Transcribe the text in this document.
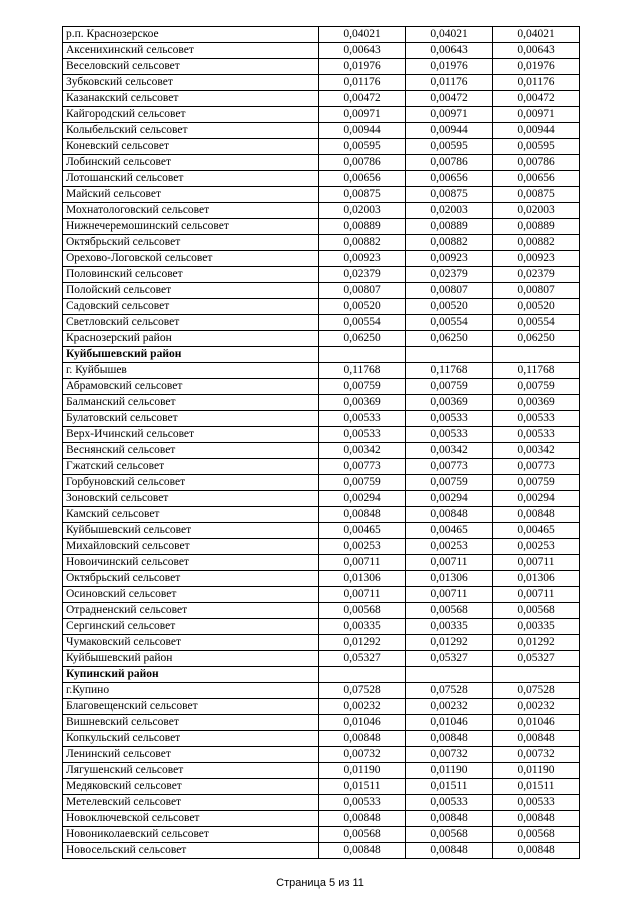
р.п. Краснозерское	0,04021	0,04021	0,04021
Аксенихинский сельсовет	0,00643	0,00643	0,00643
Веселовский сельсовет	0,01976	0,01976	0,01976
Зубковский сельсовет	0,01176	0,01176	0,01176
Казанакский сельсовет	0,00472	0,00472	0,00472
Кайгородский сельсовет	0,00971	0,00971	0,00971
Колыбельский сельсовет	0,00944	0,00944	0,00944
Коневский сельсовет	0,00595	0,00595	0,00595
Лобинский сельсовет	0,00786	0,00786	0,00786
Лотошанский сельсовет	0,00656	0,00656	0,00656
Майский сельсовет	0,00875	0,00875	0,00875
Мохнатологовский сельсовет	0,02003	0,02003	0,02003
Нижнечеремошинский сельсовет	0,00889	0,00889	0,00889
Октябрьский сельсовет	0,00882	0,00882	0,00882
Орехово-Логовской сельсовет	0,00923	0,00923	0,00923
Половинский сельсовет	0,02379	0,02379	0,02379
Полойский сельсовет	0,00807	0,00807	0,00807
Садовский сельсовет	0,00520	0,00520	0,00520
Светловский сельсовет	0,00554	0,00554	0,00554
Краснозерский район	0,06250	0,06250	0,06250
Куйбышевский район			
г. Куйбышев	0,11768	0,11768	0,11768
Абрамовский сельсовет	0,00759	0,00759	0,00759
Балманский сельсовет	0,00369	0,00369	0,00369
Булатовский сельсовет	0,00533	0,00533	0,00533
Верх-Ичинский сельсовет	0,00533	0,00533	0,00533
Веснянский сельсовет	0,00342	0,00342	0,00342
Гжатский сельсовет	0,00773	0,00773	0,00773
Горбуновский сельсовет	0,00759	0,00759	0,00759
Зоновский сельсовет	0,00294	0,00294	0,00294
Камский сельсовет	0,00848	0,00848	0,00848
Куйбышевский сельсовет	0,00465	0,00465	0,00465
Михайловский сельсовет	0,00253	0,00253	0,00253
Новоичинский сельсовет	0,00711	0,00711	0,00711
Октябрьский сельсовет	0,01306	0,01306	0,01306
Осиновский сельсовет	0,00711	0,00711	0,00711
Отрадненский сельсовет	0,00568	0,00568	0,00568
Сергинский сельсовет	0,00335	0,00335	0,00335
Чумаковский сельсовет	0,01292	0,01292	0,01292
Куйбышевский район	0,05327	0,05327	0,05327
Купинский район			
г.Купино	0,07528	0,07528	0,07528
Благовещенский сельсовет	0,00232	0,00232	0,00232
Вишневский сельсовет	0,01046	0,01046	0,01046
Копкульский сельсовет	0,00848	0,00848	0,00848
Ленинский сельсовет	0,00732	0,00732	0,00732
Лягушенский сельсовет	0,01190	0,01190	0,01190
Медяковский сельсовет	0,01511	0,01511	0,01511
Метелевский сельсовет	0,00533	0,00533	0,00533
Новоключевской сельсовет	0,00848	0,00848	0,00848
Новониколаевский сельсовет	0,00568	0,00568	0,00568
Новосельский сельсовет	0,00848	0,00848	0,00848
Страница 5 из 11
